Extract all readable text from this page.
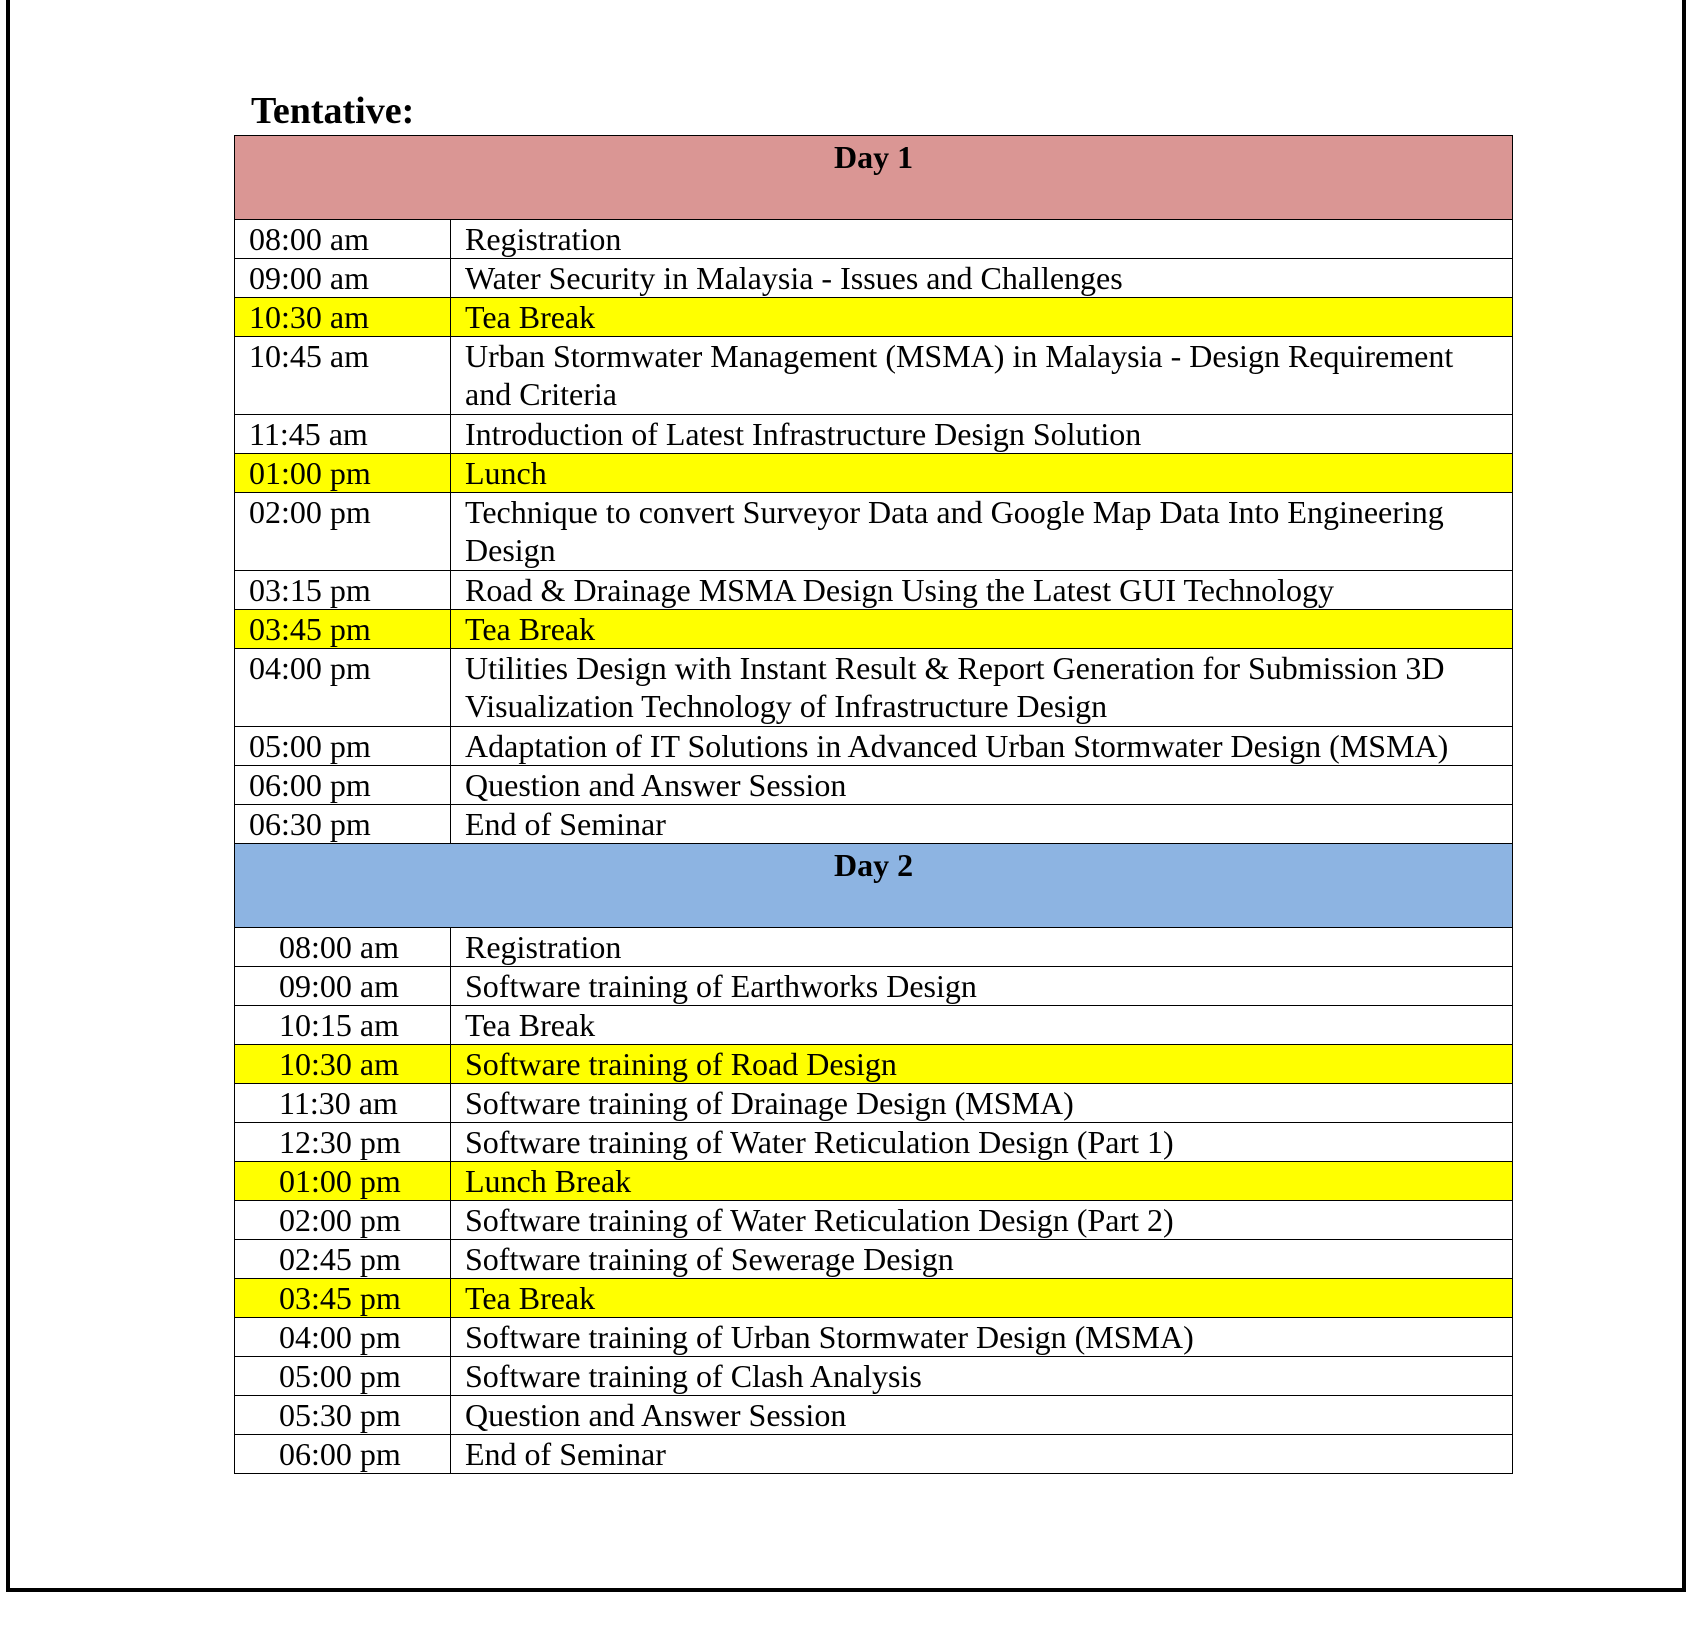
Tentative:
Day 1	
08:00 am	Registration
09:00 am	Water Security in Malaysia - Issues and Challenges
10:30 am	Tea Break
10:45 am	Urban Stormwater Management (MSMA) in Malaysia - Design Requirement and Criteria
11:45 am	Introduction of Latest Infrastructure Design Solution
01:00 pm	Lunch
02:00 pm	Technique to convert Surveyor Data and Google Map Data Into Engineering Design
03:15 pm	Road & Drainage MSMA Design Using the Latest GUI Technology
03:45 pm	Tea Break
04:00 pm	Utilities Design with Instant Result & Report Generation for Submission 3D Visualization Technology of Infrastructure Design
05:00 pm	Adaptation of IT Solutions in Advanced Urban Stormwater Design (MSMA)
06:00 pm	Question and Answer Session
06:30 pm	End of Seminar
Day 2	
08:00 am	Registration
09:00 am	Software training of Earthworks Design
10:15 am	Tea Break
10:30 am	Software training of Road Design
11:30 am	Software training of Drainage Design (MSMA)
12:30 pm	Software training of Water Reticulation Design (Part 1)
01:00 pm	Lunch Break
02:00 pm	Software training of Water Reticulation Design (Part 2)
02:45 pm	Software training of Sewerage Design
03:45 pm	Tea Break
04:00 pm	Software training of Urban Stormwater Design (MSMA)
05:00 pm	Software training of Clash Analysis
05:30 pm	Question and Answer Session
06:00 pm	End of Seminar
